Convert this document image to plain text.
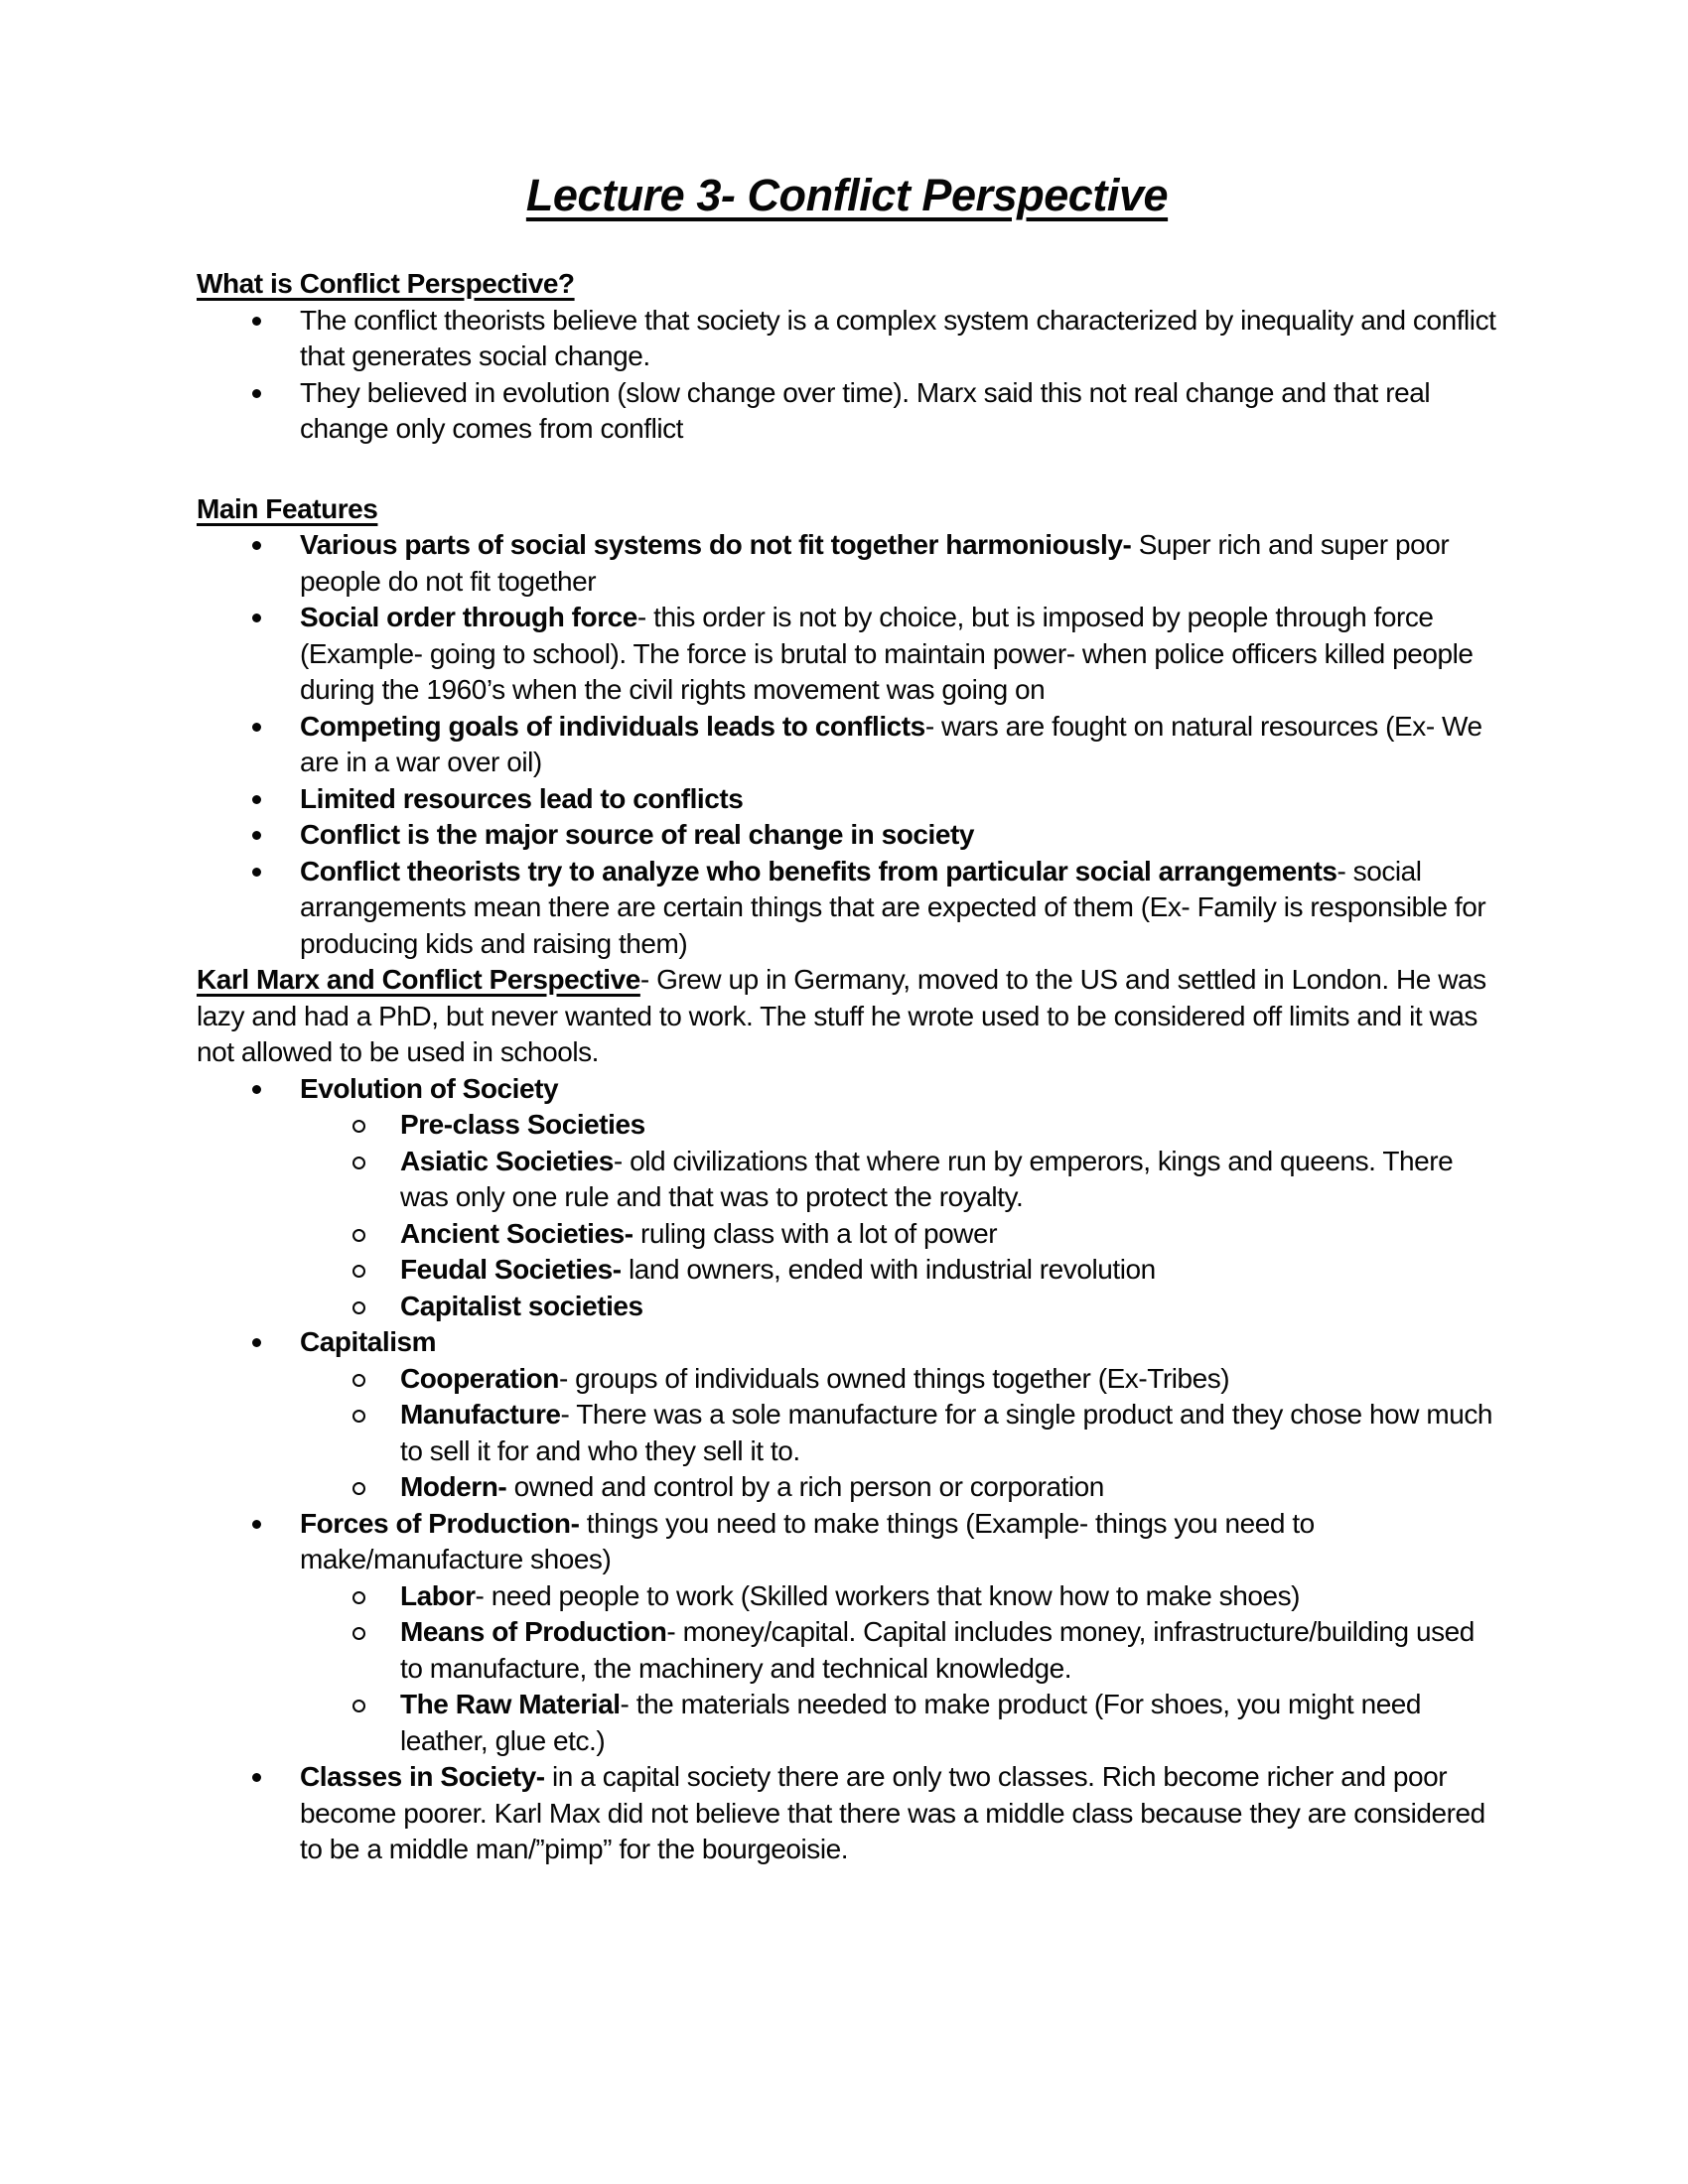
Lecture 3- Conflict Perspective

What is Conflict Perspective?

The conflict theorists believe that society is a complex system characterized by inequality and conflict that generates social change.
They believed in evolution (slow change over time). Marx said this not real change and that real change only comes from conflict

Main Features

Various parts of social systems do not fit together harmoniously- Super rich and super poor people do not fit together
Social order through force- this order is not by choice, but is imposed by people through force (Example- going to school). The force is brutal to maintain power- when police officers killed people during the 1960’s when the civil rights movement was going on
Competing goals of individuals leads to conflicts- wars are fought on natural resources (Ex- We are in a war over oil)
Limited resources lead to conflicts
Conflict is the major source of real change in society
Conflict theorists try to analyze who benefits from particular social arrangements- social arrangements mean there are certain things that are expected of them (Ex- Family is responsible for producing kids and raising them)

Karl Marx and Conflict Perspective- Grew up in Germany, moved to the US and settled in London. He was lazy and had a PhD, but never wanted to work. The stuff he wrote used to be considered off limits and it was not allowed to be used in schools.

Evolution of Society
Pre-class Societies
Asiatic Societies- old civilizations that where run by emperors, kings and queens. There was only one rule and that was to protect the royalty.
Ancient Societies- ruling class with a lot of power
Feudal Societies- land owners, ended with industrial revolution
Capitalist societies
Capitalism
Cooperation- groups of individuals owned things together (Ex-Tribes)
Manufacture- There was a sole manufacture for a single product and they chose how much to sell it for and who they sell it to.
Modern- owned and control by a rich person or corporation
Forces of Production- things you need to make things (Example- things you need to make/manufacture shoes)
Labor- need people to work (Skilled workers that know how to make shoes)
Means of Production- money/capital. Capital includes money, infrastructure/building used to manufacture, the machinery and technical knowledge.
The Raw Material- the materials needed to make product (For shoes, you might need leather, glue etc.)
Classes in Society- in a capital society there are only two classes. Rich become richer and poor become poorer. Karl Max did not believe that there was a middle class because they are considered to be a middle man/”pimp” for the bourgeoisie.
